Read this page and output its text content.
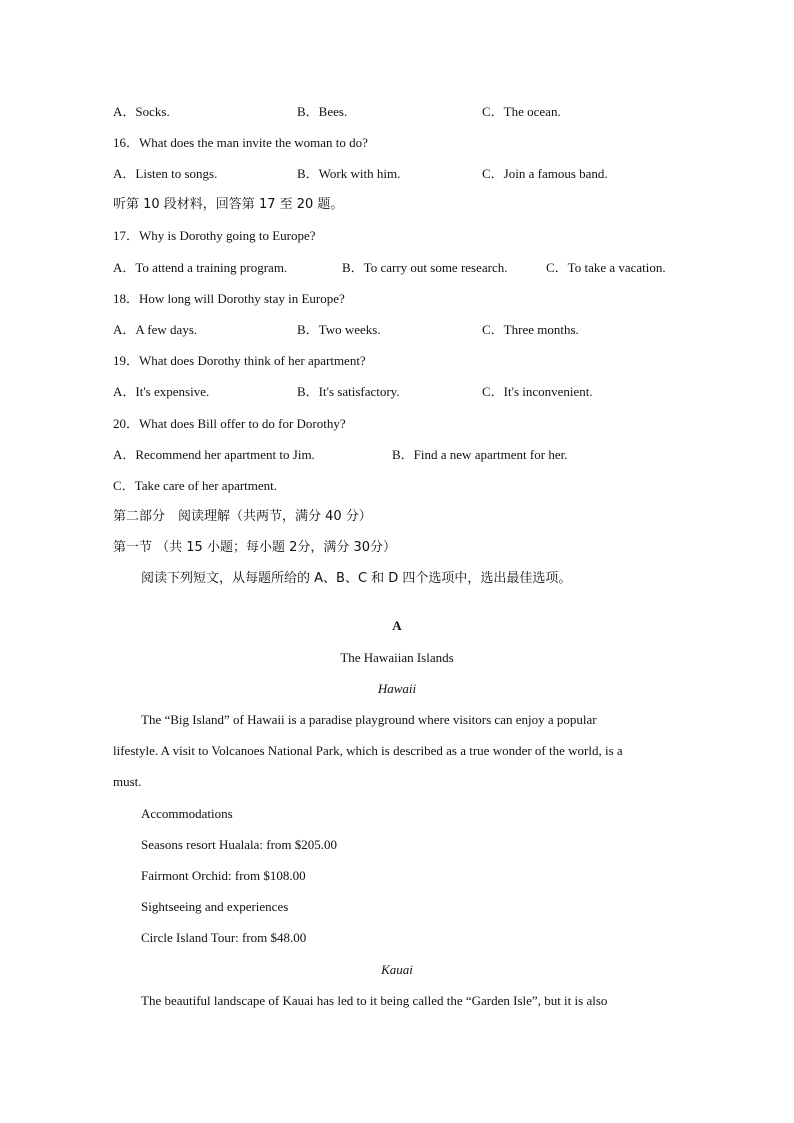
A．Socks.	B．Bees.	C．The ocean.
16．What does the man invite the woman to do?
A．Listen to songs.	B．Work with him.	C．Join a famous band.
听第 10 段材料，回答第 17 至 20 题。
17．Why is Dorothy going to Europe?
A．To attend a training program.	B．To carry out some research.	C．To take a vacation.
18．How long will Dorothy stay in Europe?
A．A few days.	B．Two weeks.	C．Three months.
19．What does Dorothy think of her apartment?
A．It's expensive.	B．It's satisfactory.	C．It's inconvenient.
20．What does Bill offer to do for Dorothy?
A．Recommend her apartment to Jim.	B．Find a new apartment for her.
C．Take care of her apartment.
第二部分　阅读理解（共两节，满分 40 分）
第一节 （共 15 小题；每小题 2分，满分 30分）
阅读下列短文，从每题所给的 A、B、C 和 D 四个选项中，选出最佳选项。
A
The Hawaiian Islands
Hawaii
The “Big Island” of Hawaii is a paradise playground where visitors can enjoy a popular
lifestyle. A visit to Volcanoes National Park, which is described as a true wonder of the world, is a
must.
Accommodations
Seasons resort Hualala: from $205.00
Fairmont Orchid: from $108.00
Sightseeing and experiences
Circle Island Tour: from $48.00
Kauai
The beautiful landscape of Kauai has led to it being called the “Garden Isle”, but it is also
